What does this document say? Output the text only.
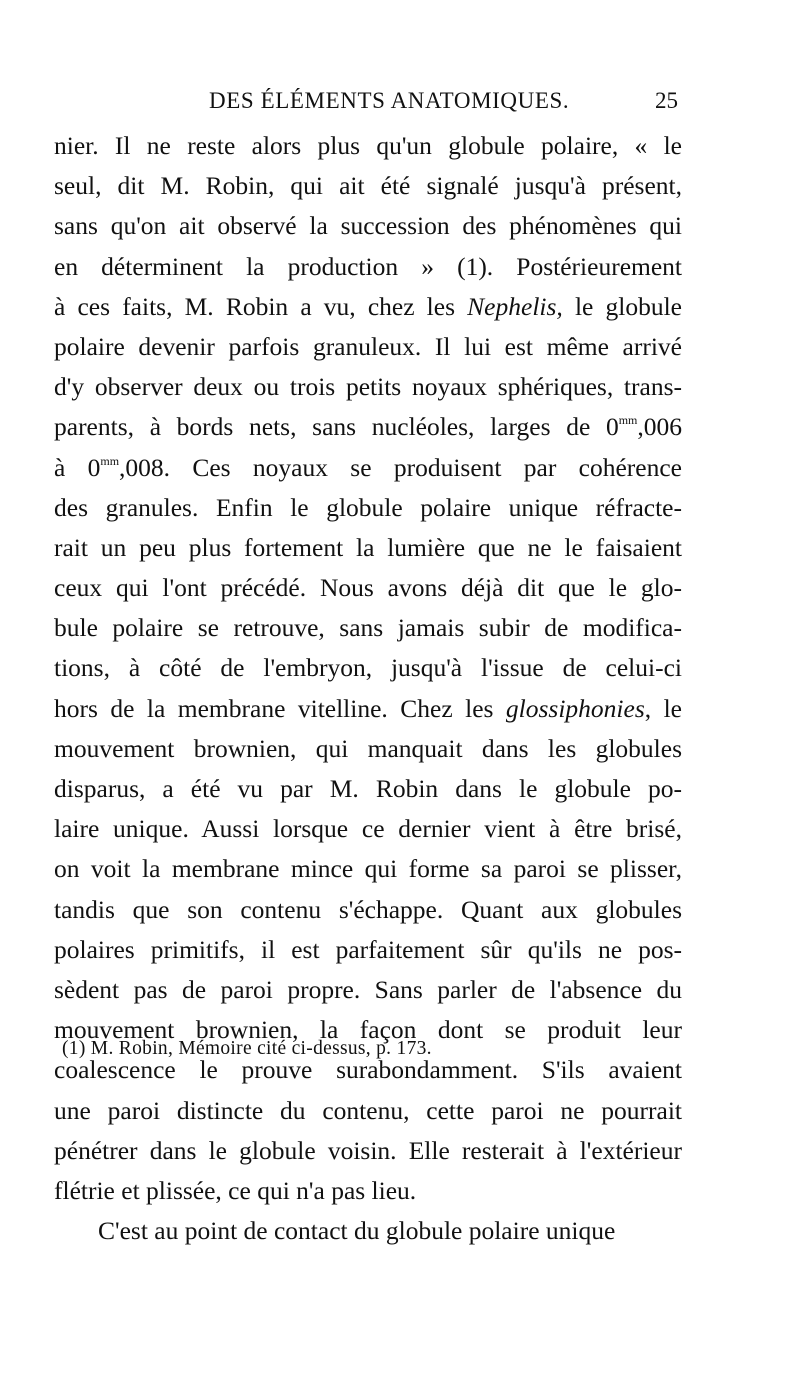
DES ÉLÉMENTS ANATOMIQUES.	25
nier. Il ne reste alors plus qu'un globule polaire, « le
seul, dit M. Robin, qui ait été signalé jusqu'à présent,
sans qu'on ait observé la succession des phénomènes qui
en déterminent la production » (1). Postérieurement
à ces faits, M. Robin a vu, chez les Nephelis, le globule
polaire devenir parfois granuleux. Il lui est même arrivé
d'y observer deux ou trois petits noyaux sphériques, trans-
parents, à bords nets, sans nucléoles, larges de $0^{mm},006$
à $0^{mm},008$. Ces noyaux se produisent par cohérence
des granules. Enfin le globule polaire unique réfracte-
rait un peu plus fortement la lumière que ne le faisaient
ceux qui l'ont précédé. Nous avons déjà dit que le glo-
bule polaire se retrouve, sans jamais subir de modifica-
tions, à côté de l'embryon, jusqu'à l'issue de celui-ci
hors de la membrane vitelline. Chez les glossiphonies, le
mouvement brownien, qui manquait dans les globules
disparus, a été vu par M. Robin dans le globule po-
laire unique. Aussi lorsque ce dernier vient à être brisé,
on voit la membrane mince qui forme sa paroi se plisser,
tandis que son contenu s'échappe. Quant aux globules
polaires primitifs, il est parfaitement sûr qu'ils ne pos-
sèdent pas de paroi propre. Sans parler de l'absence du
mouvement brownien, la façon dont se produit leur
coalescence le prouve surabondamment. S'ils avaient
une paroi distincte du contenu, cette paroi ne pourrait
pénétrer dans le globule voisin. Elle resterait à l'extérieur
flétrie et plissée, ce qui n'a pas lieu.
C'est au point de contact du globule polaire unique
(1) M. Robin, Mémoire cité ci-dessus, p. 173.
